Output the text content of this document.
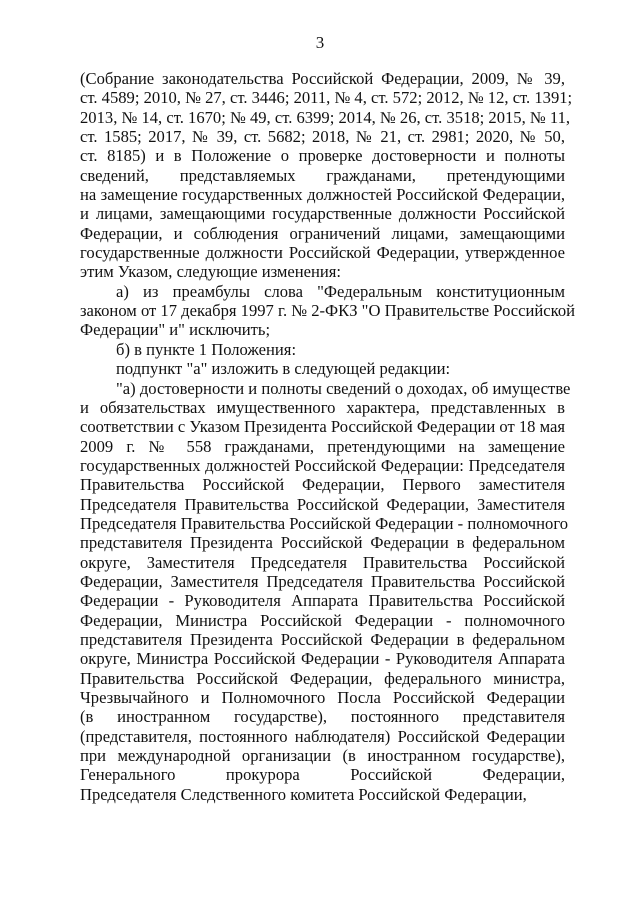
3
(Собрание законодательства Российской Федерации, 2009, № 39,
ст. 4589; 2010, № 27, ст. 3446; 2011, № 4, ст. 572; 2012, № 12, ст. 1391;
2013, № 14, ст. 1670; № 49, ст. 6399; 2014, № 26, ст. 3518; 2015, № 11,
ст. 1585; 2017, № 39, ст. 5682; 2018, № 21, ст. 2981; 2020, № 50,
ст. 8185) и в Положение о проверке достоверности и полноты
сведений, представляемых гражданами, претендующими
на замещение государственных должностей Российской Федерации,
и лицами, замещающими государственные должности Российской
Федерации, и соблюдения ограничений лицами, замещающими
государственные должности Российской Федерации, утвержденное
этим Указом, следующие изменения:
а) из преамбулы слова "Федеральным конституционным
законом от 17 декабря 1997 г. № 2-ФКЗ "О Правительстве Российской
Федерации" и" исключить;
б) в пункте 1 Положения:
подпункт "а" изложить в следующей редакции:
"а) достоверности и полноты сведений о доходах, об имуществе
и обязательствах имущественного характера, представленных в
соответствии с Указом Президента Российской Федерации от 18 мая
2009 г. № 558 гражданами, претендующими на замещение
государственных должностей Российской Федерации: Председателя
Правительства Российской Федерации, Первого заместителя
Председателя Правительства Российской Федерации, Заместителя
Председателя Правительства Российской Федерации - полномочного
представителя Президента Российской Федерации в федеральном
округе, Заместителя Председателя Правительства Российской
Федерации, Заместителя Председателя Правительства Российской
Федерации - Руководителя Аппарата Правительства Российской
Федерации, Министра Российской Федерации - полномочного
представителя Президента Российской Федерации в федеральном
округе, Министра Российской Федерации - Руководителя Аппарата
Правительства Российской Федерации, федерального министра,
Чрезвычайного и Полномочного Посла Российской Федерации
(в иностранном государстве), постоянного представителя
(представителя, постоянного наблюдателя) Российской Федерации
при международной организации (в иностранном государстве),
Генерального прокурора Российской Федерации,
Председателя Следственного комитета Российской Федерации,
